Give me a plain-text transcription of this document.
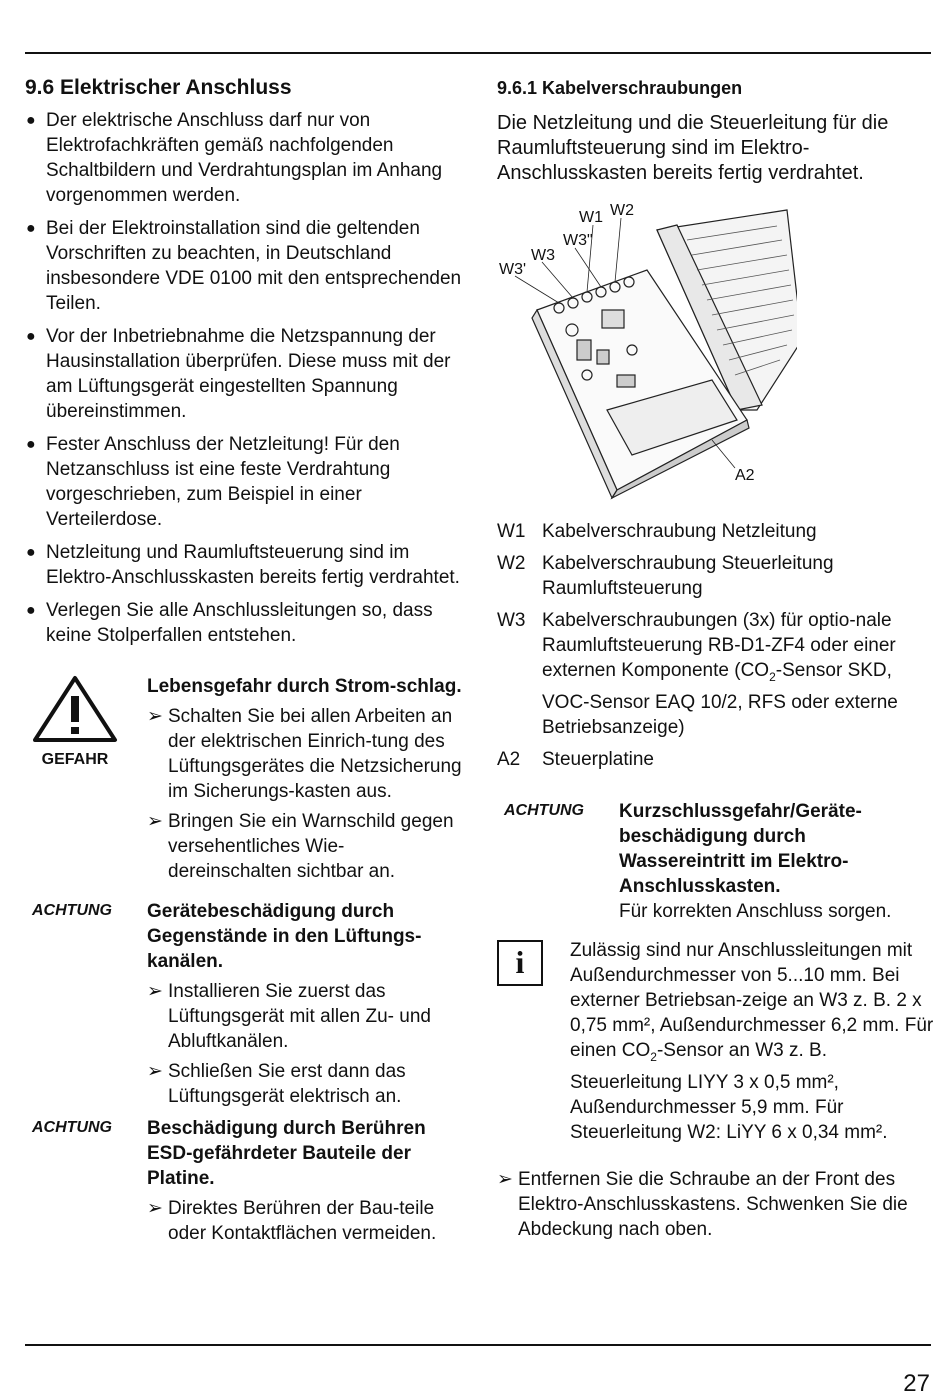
9.6 Elektrischer Anschluss
● Der elektrische Anschluss darf nur von Elektrofachkräften gemäß nachfolgenden Schaltbildern und Verdrahtungsplan im Anhang vorgenommen werden.
● Bei der Elektroinstallation sind die geltenden Vorschriften zu beachten, in Deutschland insbesondere VDE 0100 mit den entsprechenden Teilen.
● Vor der Inbetriebnahme die Netzspannung der Hausinstallation überprüfen. Diese muss mit der am Lüftungsgerät eingestellten Spannung übereinstimmen.
● Fester Anschluss der Netzleitung! Für den Netzanschluss ist eine feste Verdrahtung vorgeschrieben, zum Beispiel in einer Verteilerdose.
● Netzleitung und Raumluftsteuerung sind im Elektro-Anschlusskasten bereits fertig verdrahtet.
● Verlegen Sie alle Anschlussleitungen so, dass keine Stolperfallen entstehen.
GEFAHR
Lebensgefahr durch Strom-schlag.
➢ Schalten Sie bei allen Arbeiten an der elektrischen Einrich-tung des Lüftungsgerätes die Netzsicherung im Sicherungs-kasten aus.
➢ Bringen Sie ein Warnschild gegen versehentliches Wie-dereinschalten sichtbar an.
ACHTUNG	Gerätebeschädigung durch Gegenstände in den Lüftungs-kanälen.
➢ Installieren Sie zuerst das Lüftungsgerät mit allen Zu- und Abluftkanälen.
➢ Schließen Sie erst dann das Lüftungsgerät elektrisch an.
ACHTUNG	Beschädigung durch Berühren ESD-gefährdeter Bauteile der Platine.
➢ Direktes Berühren der Bau-teile oder Kontaktflächen vermeiden.
9.6.1 Kabelverschraubungen
Die Netzleitung und die Steuerleitung für die Raumluftsteuerung sind im Elektro-Anschlusskasten bereits fertig verdrahtet.
W1 W2
W3"
W3
W3'
A2
W1	Kabelverschraubung Netzleitung
W2	Kabelverschraubung Steuerleitung Raumluftsteuerung
W3	Kabelverschraubungen (3x) für optio-nale Raumluftsteuerung RB-D1-ZF4 oder einer externen Komponente ($CO_2$-Sensor SKD, VOC-Sensor EAQ 10/2, RFS oder externe Betriebsanzeige)
A2	Steuerplatine
ACHTUNG	Kurzschlussgefahr/Geräte-beschädigung durch Wassereintritt im Elektro-Anschlusskasten.
Für korrekten Anschluss sorgen.
i	Zulässig sind nur Anschlussleitungen mit Außendurchmesser von 5...10 mm. Bei externer Betriebsan-zeige an W3 z. B. 2 x 0,75 mm², Außendurchmesser 6,2 mm. Für einen $CO_2$-Sensor an W3 z. B. Steuerleitung LIYY 3 x 0,5 mm², Außendurchmesser 5,9 mm. Für Steuerleitung W2: LiYY 6 x 0,34 mm².
➢ Entfernen Sie die Schraube an der Front des Elektro-Anschlusskastens. Schwenken Sie die Abdeckung nach oben.
27
